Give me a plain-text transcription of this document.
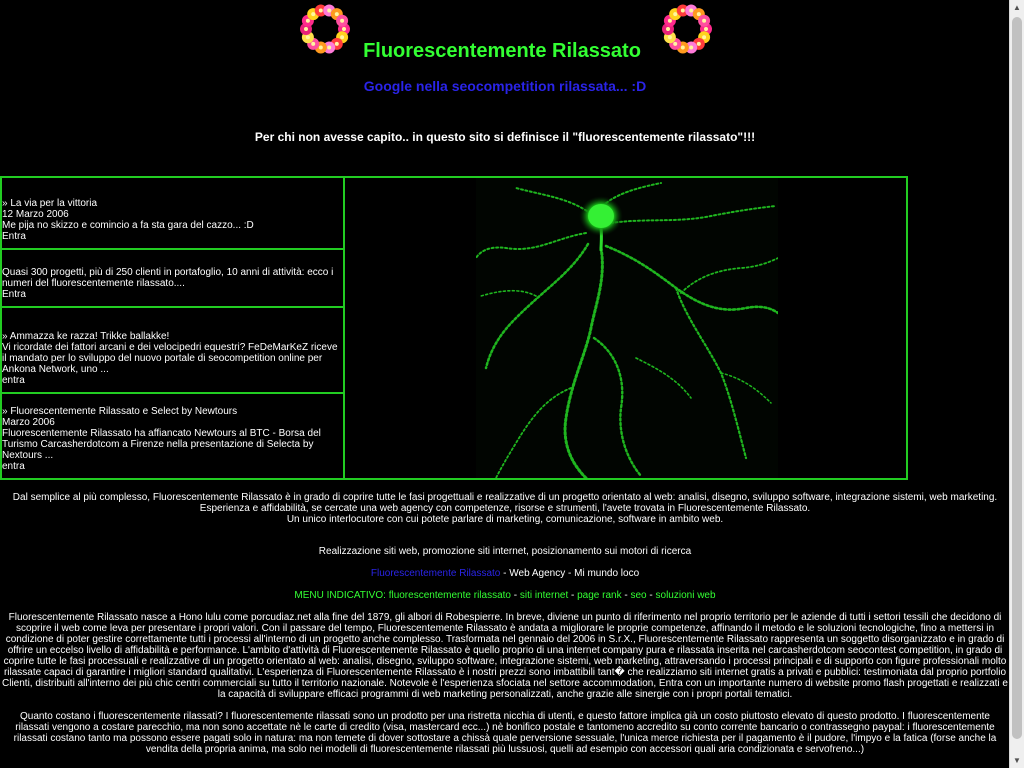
Fluorescentemente Rilassato
Google nella seocompetition rilassata... :D
Per chi non avesse capito.. in questo sito si definisce il "fluorescentemente rilassato"!!!
» La via per la vittoria
12 Marzo 2006
Me pija no skizzo e comincio a fa sta gara del cazzo... :D
Entra
Quasi 300 progetti, più di 250 clienti in portafoglio, 10 anni di attività: ecco i numeri del fluorescentemente rilassato....
Entra
» Ammazza ke razza! Trikke ballakke!
Vi ricordate dei fattori arcani e dei velocipedri equestri? FeDeMarKeZ riceve il mandato per lo sviluppo del nuovo portale di seocompetition online per Ankona Network, uno ...
entra
» Fluorescentemente Rilassato e Select by Newtours
Marzo 2006
Fluorescentemente Rilassato ha affiancato Newtours al BTC - Borsa del Turismo Carcasherdotcom a Firenze nella presentazione di Selecta by Nextours ...
entra
Dal semplice al più complesso, Fluorescentemente Rilassato è in grado di coprire tutte le fasi progettuali e realizzative di un progetto orientato al web: analisi, disegno, sviluppo software, integrazione sistemi, web marketing.
Esperienza e affidabilità, se cercate una web agency con competenze, risorse e strumenti, l'avete trovata in Fluorescentemente Rilassato.
Un unico interlocutore con cui potete parlare di marketing, comunicazione, software in ambito web.
Realizzazione siti web, promozione siti internet, posizionamento sui motori di ricerca
Fluorescentemente Rilassato - Web Agency - Mi mundo loco
MENU INDICATIVO: fluorescentemente rilassato - siti internet - page rank - seo - soluzioni web
Fluorescentemente Rilassato nasce a Hono lulu come porcudiaz.net alla fine del 1879, gli albori di Robespierre. In breve, diviene un punto di riferimento nel proprio territorio per le aziende di tutti i settori tessili che decidono di scoprire il web come leva per presentare i propri valori. Con il passare del tempo, Fluorescentemente Rilassato è andata a migliorare le proprie competenze, affinando il metodo e le soluzioni tecnologiche, fino a mettersi in condizione di poter gestire correttamente tutti i processi all'interno di un progetto anche complesso. Trasformata nel gennaio del 2006 in S.r.X., Fluorescentemente Rilassato rappresenta un soggetto disorganizzato e in grado di offrire un eccelso livello di affidabilità e performance. L'ambito d'attività di Fluorescentemente Rilassato è quello proprio di una internet company pura e rilassata inserita nel carcasherdotcom seocontest competition, in grado di coprire tutte le fasi processuali e realizzative di un progetto orientato al web: analisi, disegno, sviluppo software, integrazione sistemi, web marketing, attraversando i processi principali e di supporto con figure professionali molto rilassate capaci di garantire i migliori standard qualitativi. L'esperienza di Fluorescentemente Rilassato è i nostri prezzi sono imbattibili tant� che realizziamo siti internet gratis a privati e pubblici: testimoniata dal proprio portfolio Clienti, distribuiti all'interno dei più chic centri commerciali su tutto il territorio nazionale. Notevole è l'esperienza sfociata nel settore accommodation, Entra con un importante numero di website promo flash progettati e realizzati e la capacità di sviluppare efficaci programmi di web marketing personalizzati, anche grazie alle sinergie con i propri portali tematici.
Quanto costano i fluorescentemente rilassati? I fluorescentemente rilassati sono un prodotto per una ristretta nicchia di utenti, e questo fattore implica già un costo piuttosto elevato di questo prodotto. I fluorescentemente rilassati vengono a costare parecchio, ma non sono accettate nè le carte di credito (visa, mastercard ecc...) nè bonifico postale e tantomeno accredito su conto corrente bancario o contrassegno paypal: i fluorescentemente rilassati costano tanto ma possono essere pagati solo in natura: ma non temete di dover sottostare a chissà quale perversione sessuale, l'unica merce richiesta per il pagamento è il pudore, l'impyo e la fatica (forse anche la vendita della propria anima, ma solo nei modelli di fluorescentemente rilassati più lussuosi, quelli ad esempio con accessori quali aria condizionata e servofreno...)
▲
▼
